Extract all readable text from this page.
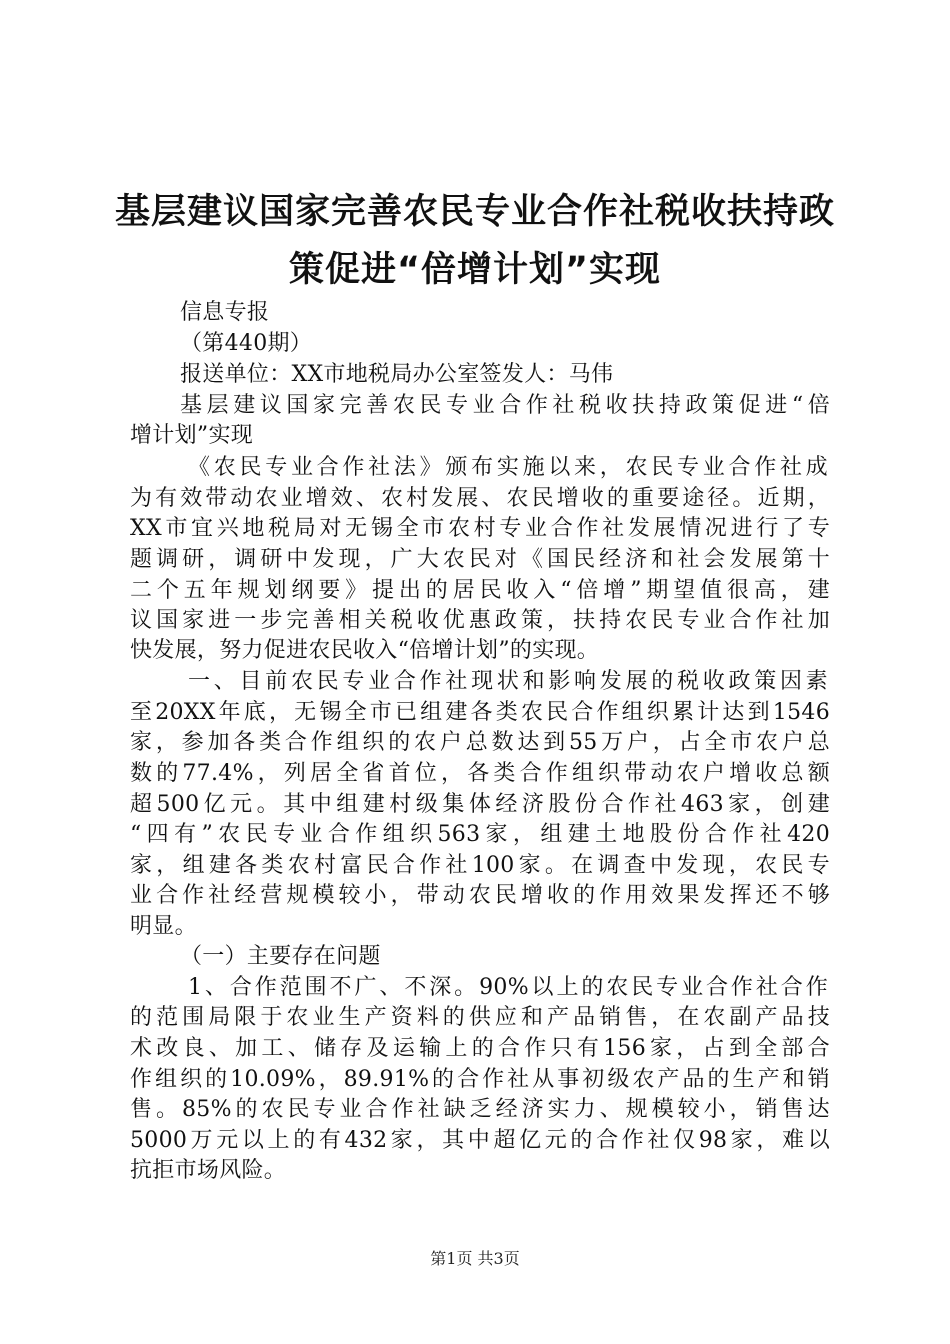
基层建议国家完善农民专业合作社税收扶持政
策促进“倍增计划”实现
信息专报
（第440期）
报送单位：XX市地税局办公室签发人：马伟
基层建议国家完善农民专业合作社税收扶持政策促进“倍
增计划”实现
《农民专业合作社法》颁布实施以来，农民专业合作社成
为有效带动农业增效、农村发展、农民增收的重要途径。近期，
XX市宜兴地税局对无锡全市农村专业合作社发展情况进行了专
题调研，调研中发现，广大农民对《国民经济和社会发展第十
二个五年规划纲要》提出的居民收入“倍增”期望值很高，建
议国家进一步完善相关税收优惠政策，扶持农民专业合作社加
快发展，努力促进农民收入“倍增计划”的实现。
一、目前农民专业合作社现状和影响发展的税收政策因素
至20XX年底，无锡全市已组建各类农民合作组织累计达到1546
家，参加各类合作组织的农户总数达到55万户，占全市农户总
数的77.4%，列居全省首位，各类合作组织带动农户增收总额
超500亿元。其中组建村级集体经济股份合作社463家，创建
“四有”农民专业合作组织563家，组建土地股份合作社420
家，组建各类农村富民合作社100家。在调查中发现，农民专
业合作社经营规模较小，带动农民增收的作用效果发挥还不够
明显。
（一）主要存在问题
1、合作范围不广、不深。90%以上的农民专业合作社合作
的范围局限于农业生产资料的供应和产品销售，在农副产品技
术改良、加工、储存及运输上的合作只有156家，占到全部合
作组织的10.09%，89.91%的合作社从事初级农产品的生产和销
售。85%的农民专业合作社缺乏经济实力、规模较小，销售达
5000万元以上的有432家，其中超亿元的合作社仅98家，难以
抗拒市场风险。
第1页 共3页
